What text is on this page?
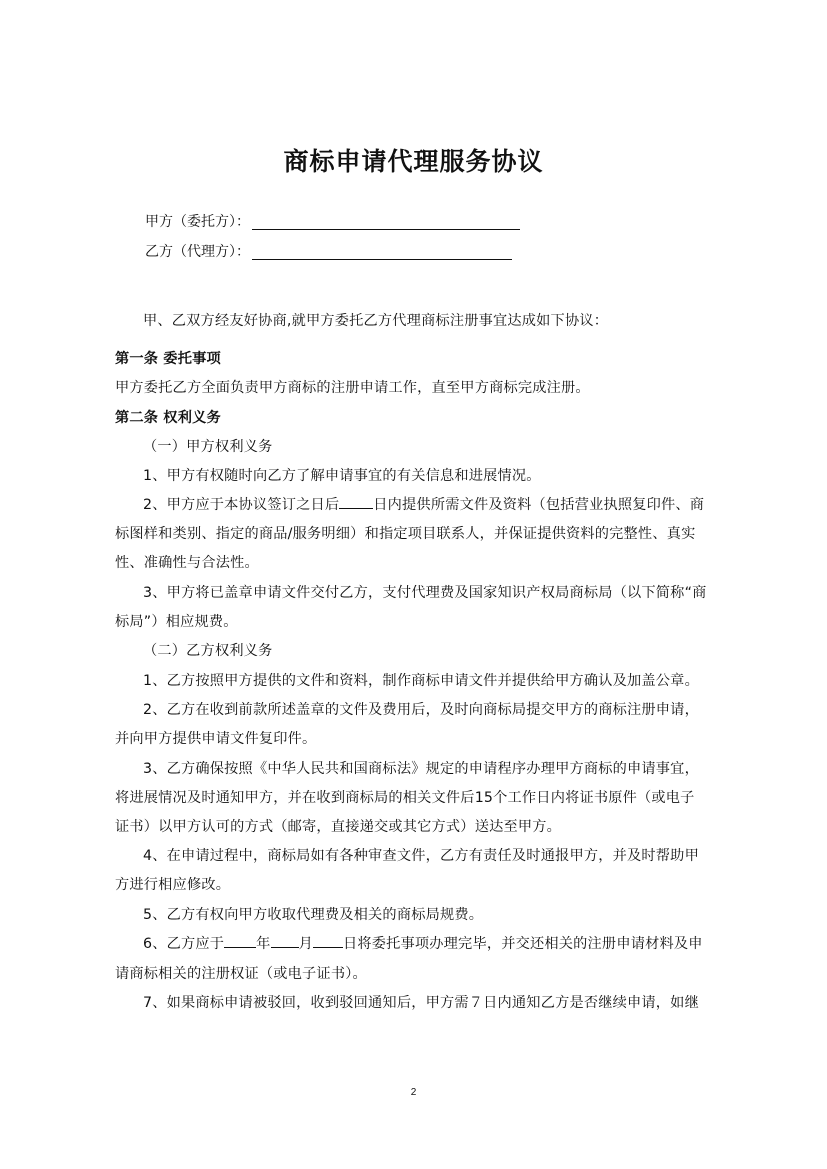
商标申请代理服务协议
甲方（委托方）：
乙方（代理方）：
甲、乙双方经友好协商,就甲方委托乙方代理商标注册事宜达成如下协议：
第一条 委托事项
甲方委托乙方全面负责甲方商标的注册申请工作，直至甲方商标完成注册。
第二条 权利义务
（一）甲方权利义务
1、甲方有权随时向乙方了解申请事宜的有关信息和进展情况。
2、甲方应于本协议签订之日后 日内提供所需文件及资料（包括营业执照复印件、商
标图样和类别、指定的商品/服务明细）和指定项目联系人，并保证提供资料的完整性、真实
性、准确性与合法性。
3、甲方将已盖章申请文件交付乙方，支付代理费及国家知识产权局商标局（以下简称“商
标局”）相应规费。
（二）乙方权利义务
1、乙方按照甲方提供的文件和资料，制作商标申请文件并提供给甲方确认及加盖公章。
2、乙方在收到前款所述盖章的文件及费用后，及时向商标局提交甲方的商标注册申请，
并向甲方提供申请文件复印件。
3、乙方确保按照《中华人民共和国商标法》规定的申请程序办理甲方商标的申请事宜，
将进展情况及时通知甲方，并在收到商标局的相关文件后15个工作日内将证书原件（或电子
证书）以甲方认可的方式（邮寄，直接递交或其它方式）送达至甲方。
4、在申请过程中，商标局如有各种审查文件，乙方有责任及时通报甲方，并及时帮助甲
方进行相应修改。
5、乙方有权向甲方收取代理费及相关的商标局规费。
6、乙方应于 年 月 日将委托事项办理完毕，并交还相关的注册申请材料及申
请商标相关的注册权证（或电子证书）。
7、如果商标申请被驳回，收到驳回通知后，甲方需７日内通知乙方是否继续申请，如继
2
